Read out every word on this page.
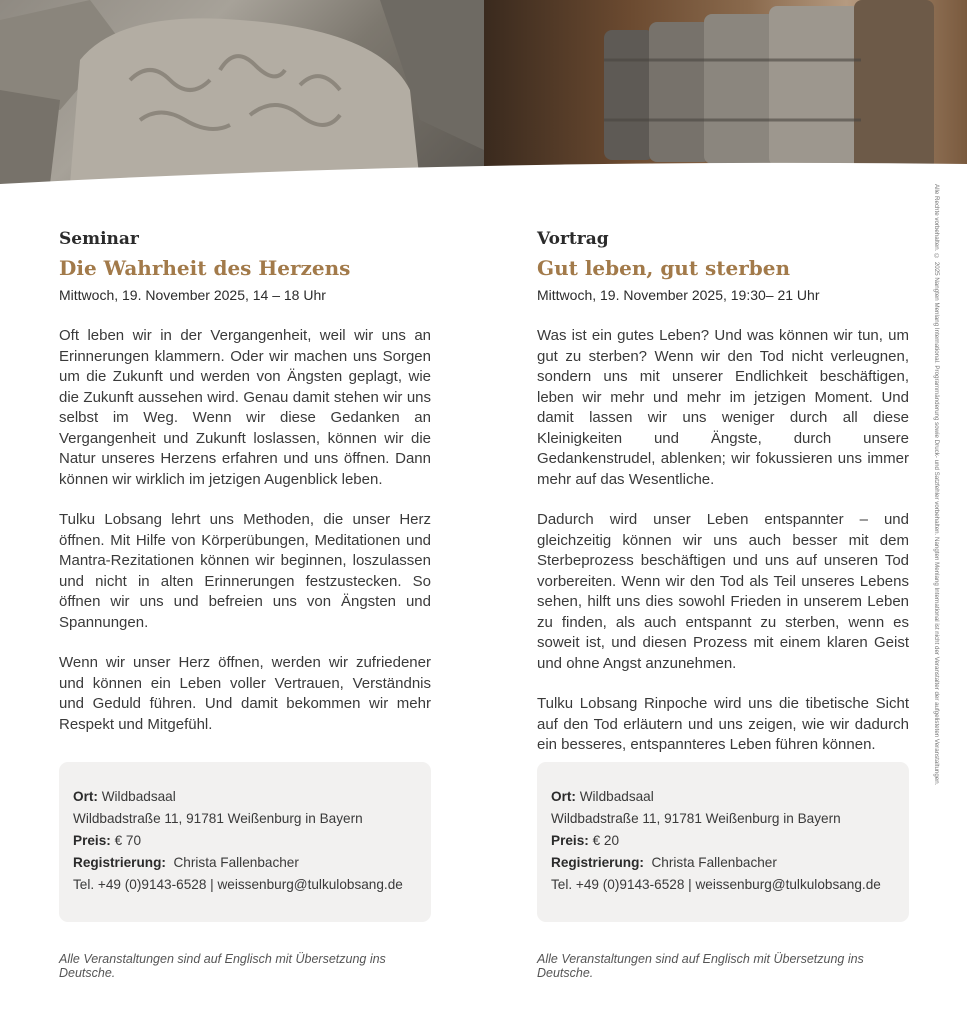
Alle Rechte vorbehalten. © 2025 Nangten Menlang International. Programmänderung sowie Druck- und Satzfehler vorbehalten. Nangten Menlang International ist nicht der Veranstalter der aufgelisteten Veranstaltungen.
Seminar
Die Wahrheit des Herzens
Mittwoch, 19. November 2025, 14 – 18 Uhr

Oft leben wir in der Vergangenheit, weil wir uns an Erinnerungen klammern. Oder wir machen uns Sorgen um die Zukunft und werden von Ängsten geplagt, wie die Zukunft aussehen wird. Genau damit stehen wir uns selbst im Weg. Wenn wir diese Gedanken an Vergangenheit und Zukunft loslassen, können wir die Natur unseres Herzens erfahren und uns öffnen. Dann können wir wirklich im jetzigen Augenblick leben.

Tulku Lobsang lehrt uns Methoden, die unser Herz öffnen. Mit Hilfe von Körperübungen, Meditationen und Mantra-Rezitationen können wir beginnen, loszulassen und nicht in alten Erinnerungen festzustecken. So öffnen wir uns und befreien uns von Ängsten und Spannungen.

Wenn wir unser Herz öffnen, werden wir zufriedener und können ein Leben voller Vertrauen, Verständnis und Geduld führen. Und damit bekommen wir mehr Respekt und Mitgefühl.

Ort: Wildbadsaal
Wildbadstraße 11, 91781 Weißenburg in Bayern
Preis: € 70
Registrierung: Christa Fallenbacher
Tel. +49 (0)9143-6528 | weissenburg@tulkulobsang.de
Alle Veranstaltungen sind auf Englisch mit Übersetzung ins Deutsche.
Vortrag
Gut leben, gut sterben
Mittwoch, 19. November 2025, 19:30– 21 Uhr

Was ist ein gutes Leben? Und was können wir tun, um gut zu sterben? Wenn wir den Tod nicht verleugnen, sondern uns mit unserer Endlichkeit beschäftigen, leben wir mehr und mehr im jetzigen Moment. Und damit lassen wir uns weniger durch all diese Kleinigkeiten und Ängste, durch unsere Gedankenstrudel, ablenken; wir fokussieren uns immer mehr auf das Wesentliche.

Dadurch wird unser Leben entspannter – und gleichzeitig können wir uns auch besser mit dem Sterbeprozess beschäftigen und uns auf unseren Tod vorbereiten. Wenn wir den Tod als Teil unseres Lebens sehen, hilft uns dies sowohl Frieden in unserem Leben zu finden, als auch entspannt zu sterben, wenn es soweit ist, und diesen Prozess mit einem klaren Geist und ohne Angst anzunehmen.

Tulku Lobsang Rinpoche wird uns die tibetische Sicht auf den Tod erläutern und uns zeigen, wie wir dadurch ein besseres, entspannteres Leben führen können.

Ort: Wildbadsaal
Wildbadstraße 11, 91781 Weißenburg in Bayern
Preis: € 20
Registrierung: Christa Fallenbacher
Tel. +49 (0)9143-6528 | weissenburg@tulkulobsang.de
Alle Veranstaltungen sind auf Englisch mit Übersetzung ins Deutsche.
